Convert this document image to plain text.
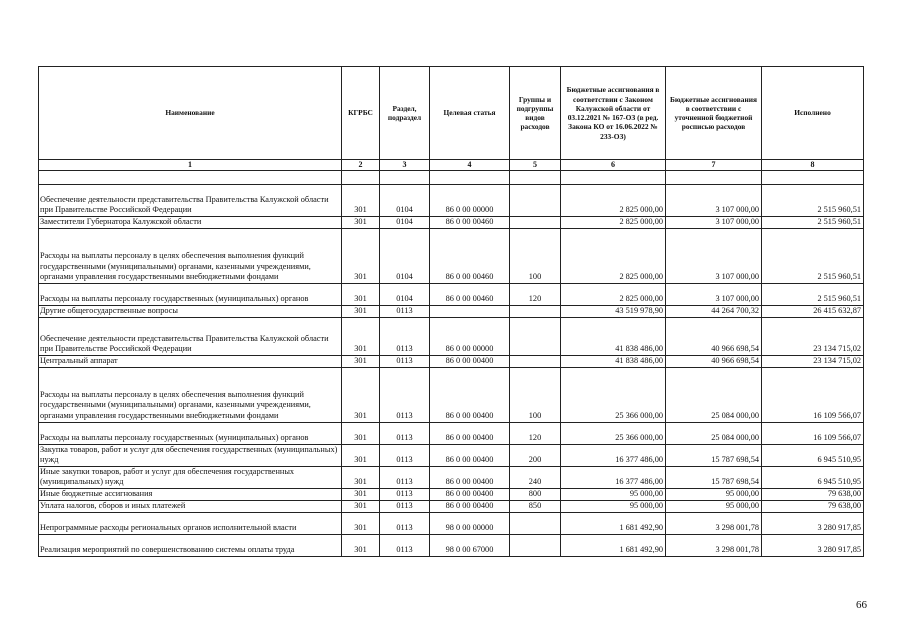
Наименование	КГРБС	Раздел, подраздел	Целевая статья	Группы и подгруппы видов расходов	Бюджетные ассигнования в соответствии с Законом Калужской области от 03.12.2021 № 167-ОЗ (в ред. Закона КО от 16.06.2022 № 233-ОЗ)	Бюджетные ассигнования в соответствии с уточненной бюджетной росписью расходов	Исполнено
1	2	3	4	5	6	7	8

Обеспечение деятельности представительства Правительства Калужской области при Правительстве Российской Федерации	301	0104	86 0 00 00000		2 825 000,00	3 107 000,00	2 515 960,51
Заместители Губернатора Калужской области	301	0104	86 0 00 00460		2 825 000,00	3 107 000,00	2 515 960,51
Расходы на выплаты персоналу в целях обеспечения выполнения функций государственными (муниципальными) органами, казенными учреждениями, органами управления государственными внебюджетными фондами	301	0104	86 0 00 00460	100	2 825 000,00	3 107 000,00	2 515 960,51
Расходы на выплаты персоналу государственных (муниципальных) органов	301	0104	86 0 00 00460	120	2 825 000,00	3 107 000,00	2 515 960,51
Другие общегосударственные вопросы	301	0113			43 519 978,90	44 264 700,32	26 415 632,87
Обеспечение деятельности представительства Правительства Калужской области при Правительстве Российской Федерации	301	0113	86 0 00 00000		41 838 486,00	40 966 698,54	23 134 715,02
Центральный аппарат	301	0113	86 0 00 00400		41 838 486,00	40 966 698,54	23 134 715,02
Расходы на выплаты персоналу в целях обеспечения выполнения функций государственными (муниципальными) органами, казенными учреждениями, органами управления государственными внебюджетными фондами	301	0113	86 0 00 00400	100	25 366 000,00	25 084 000,00	16 109 566,07
Расходы на выплаты персоналу государственных (муниципальных) органов	301	0113	86 0 00 00400	120	25 366 000,00	25 084 000,00	16 109 566,07
Закупка товаров, работ и услуг для обеспечения государственных (муниципальных) нужд	301	0113	86 0 00 00400	200	16 377 486,00	15 787 698,54	6 945 510,95
Иные закупки товаров, работ и услуг для обеспечения государственных (муниципальных) нужд	301	0113	86 0 00 00400	240	16 377 486,00	15 787 698,54	6 945 510,95
Иные бюджетные ассигнования	301	0113	86 0 00 00400	800	95 000,00	95 000,00	79 638,00
Уплата налогов, сборов и иных платежей	301	0113	86 0 00 00400	850	95 000,00	95 000,00	79 638,00
Непрограммные расходы региональных органов исполнительной власти	301	0113	98 0 00 00000		1 681 492,90	3 298 001,78	3 280 917,85
Реализация мероприятий по совершенствованию системы оплаты труда	301	0113	98 0 00 67000		1 681 492,90	3 298 001,78	3 280 917,85
66
